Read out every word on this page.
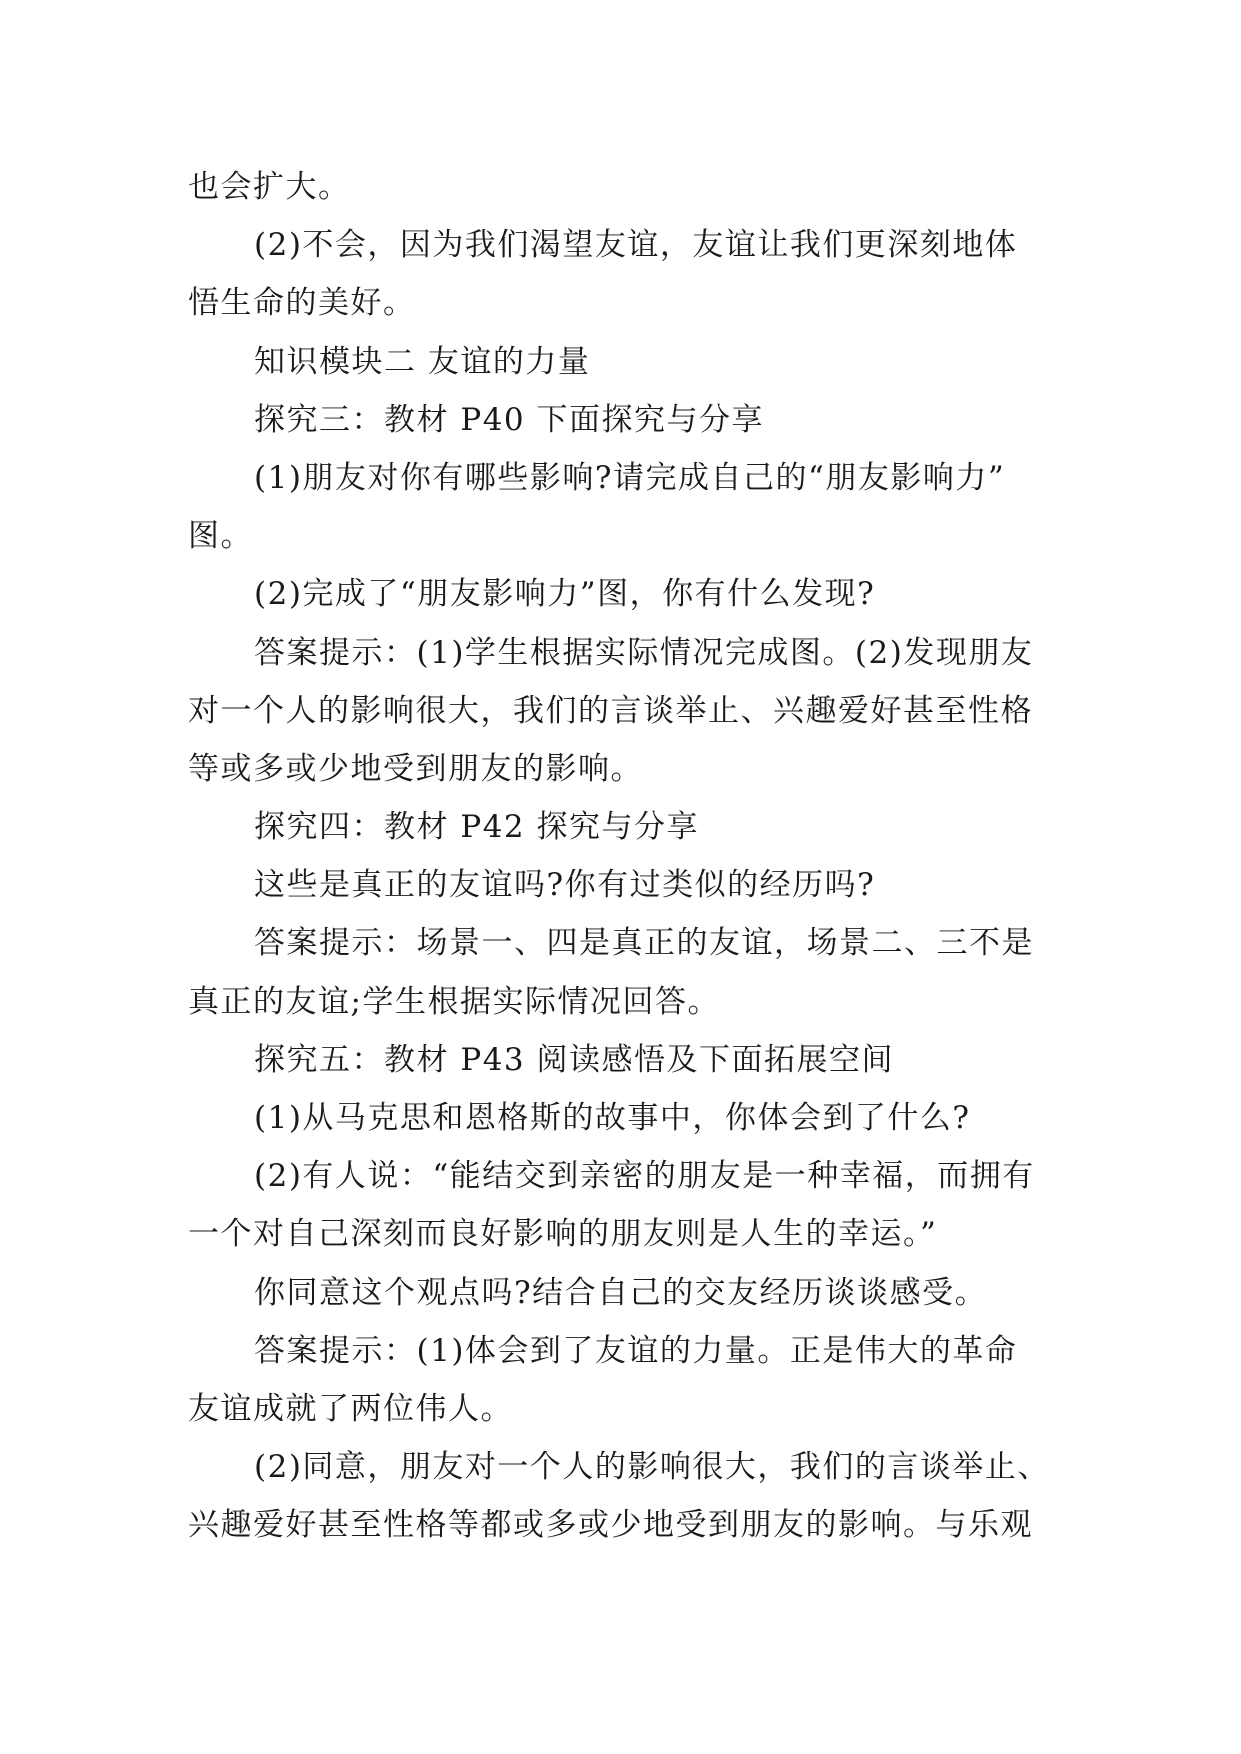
也会扩大。
(2)不会，因为我们渴望友谊，友谊让我们更深刻地体
悟生命的美好。
知识模块二 友谊的力量
探究三：教材 P40 下面探究与分享
(1)朋友对你有哪些影响?请完成自己的“朋友影响力”
图。
(2)完成了“朋友影响力”图，你有什么发现?
答案提示：(1)学生根据实际情况完成图。(2)发现朋友
对一个人的影响很大，我们的言谈举止、兴趣爱好甚至性格
等或多或少地受到朋友的影响。
探究四：教材 P42 探究与分享
这些是真正的友谊吗?你有过类似的经历吗?
答案提示：场景一、四是真正的友谊，场景二、三不是
真正的友谊;学生根据实际情况回答。
探究五：教材 P43 阅读感悟及下面拓展空间
(1)从马克思和恩格斯的故事中，你体会到了什么?
(2)有人说：“能结交到亲密的朋友是一种幸福，而拥有
一个对自己深刻而良好影响的朋友则是人生的幸运。”
你同意这个观点吗?结合自己的交友经历谈谈感受。
答案提示：(1)体会到了友谊的力量。正是伟大的革命
友谊成就了两位伟人。
(2)同意，朋友对一个人的影响很大，我们的言谈举止、
兴趣爱好甚至性格等都或多或少地受到朋友的影响。与乐观
